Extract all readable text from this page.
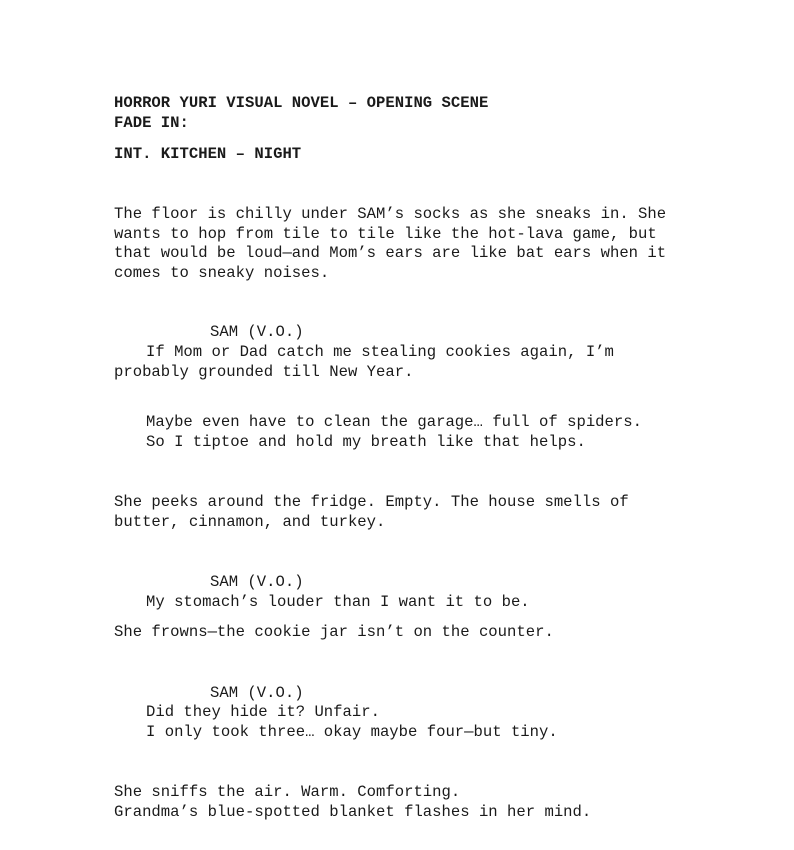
HORROR YURI VISUAL NOVEL – OPENING SCENE
FADE IN:
INT. KITCHEN – NIGHT
The floor is chilly under SAM’s socks as she sneaks in. She
wants to hop from tile to tile like the hot-lava game, but
that would be loud—and Mom’s ears are like bat ears when it
comes to sneaky noises.
SAM (V.O.)
If Mom or Dad catch me stealing cookies again, I’m
probably grounded till New Year.
Maybe even have to clean the garage… full of spiders.
So I tiptoe and hold my breath like that helps.
She peeks around the fridge. Empty. The house smells of
butter, cinnamon, and turkey.
SAM (V.O.)
My stomach’s louder than I want it to be.
She frowns—the cookie jar isn’t on the counter.
SAM (V.O.)
Did they hide it? Unfair.
I only took three… okay maybe four—but tiny.
She sniffs the air. Warm. Comforting.
Grandma’s blue-spotted blanket flashes in her mind.
